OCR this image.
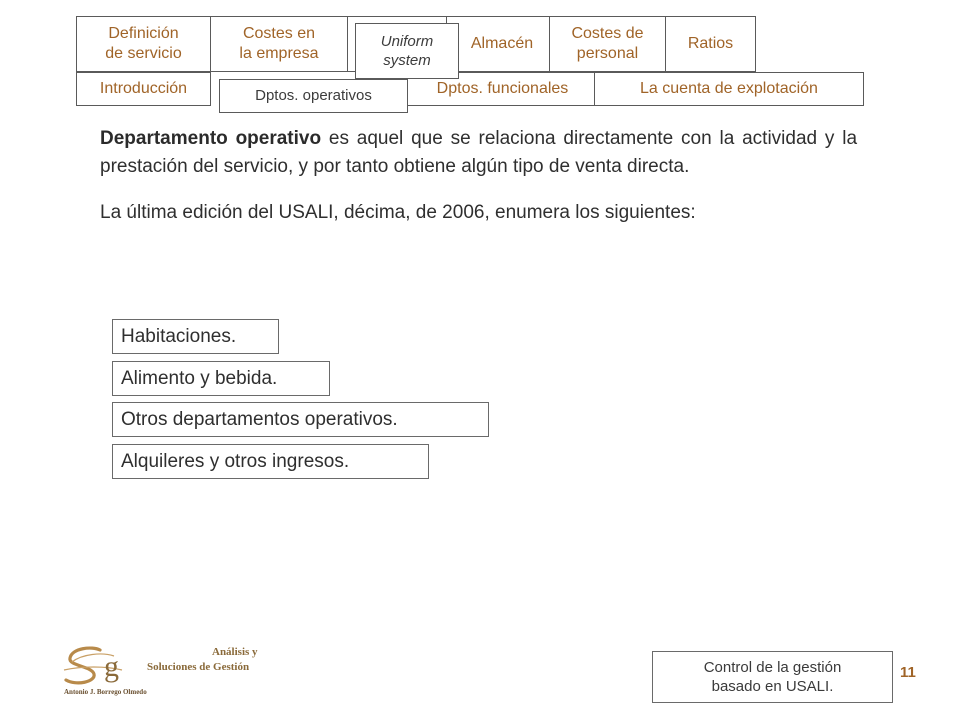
Definición
de servicio
Costes en
la empresa
Almacén
Costes de
personal
Ratios
Uniform
system
Introducción	Dptos. funcionales	La cuenta de explotación
Dptos. operativos

Departamento operativo es aquel que se relaciona directamente con la actividad y la prestación del servicio, y por tanto obtiene algún tipo de venta directa.

La última edición del USALI, décima, de 2006, enumera los siguientes:

Habitaciones.
Alimento y bebida.
Otros departamentos operativos.
Alquileres y otros ingresos.
g	Análisis y
Soluciones de Gestión
Antonio J. Borrego Olmedo
Control de la gestión
basado en USALI.
11
